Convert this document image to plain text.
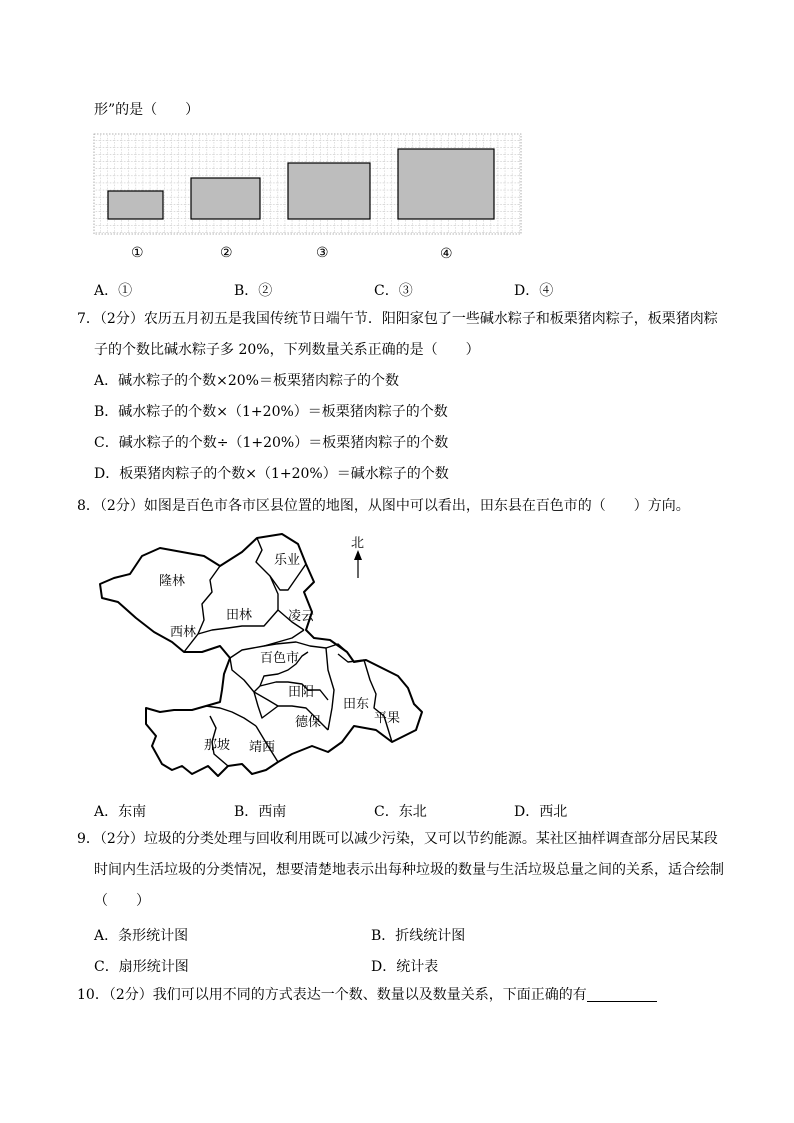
形”的是（　　）
①	②	③	④
A．①	B．②	C．③	D．④
7．（2分）农历五月初五是我国传统节日端午节．阳阳家包了一些碱水粽子和板栗猪肉粽子，板栗猪肉粽
子的个数比碱水粽子多 20%，下列数量关系正确的是（　　）
A．碱水粽子的个数×20%＝板栗猪肉粽子的个数
B．碱水粽子的个数×（1+20%）＝板栗猪肉粽子的个数
C．碱水粽子的个数÷（1+20%）＝板栗猪肉粽子的个数
D．板栗猪肉粽子的个数×（1+20%）＝碱水粽子的个数
8．（2分）如图是百色市各市区县位置的地图，从图中可以看出，田东县在百色市的（　　）方向。
北
乐业
隆林
田林	凌云
西林
百色市
田阳
田东
平果
德保
那坡 靖西
A．东南	B．西南	C．东北	D．西北
9．（2分）垃圾的分类处理与回收利用既可以减少污染，又可以节约能源。某社区抽样调查部分居民某段
时间内生活垃圾的分类情况，想要清楚地表示出每种垃圾的数量与生活垃圾总量之间的关系，适合绘制
（　　）
A．条形统计图	B．折线统计图
C．扇形统计图	D．统计表
10．（2分）我们可以用不同的方式表达一个数、数量以及数量关系，下面正确的有
